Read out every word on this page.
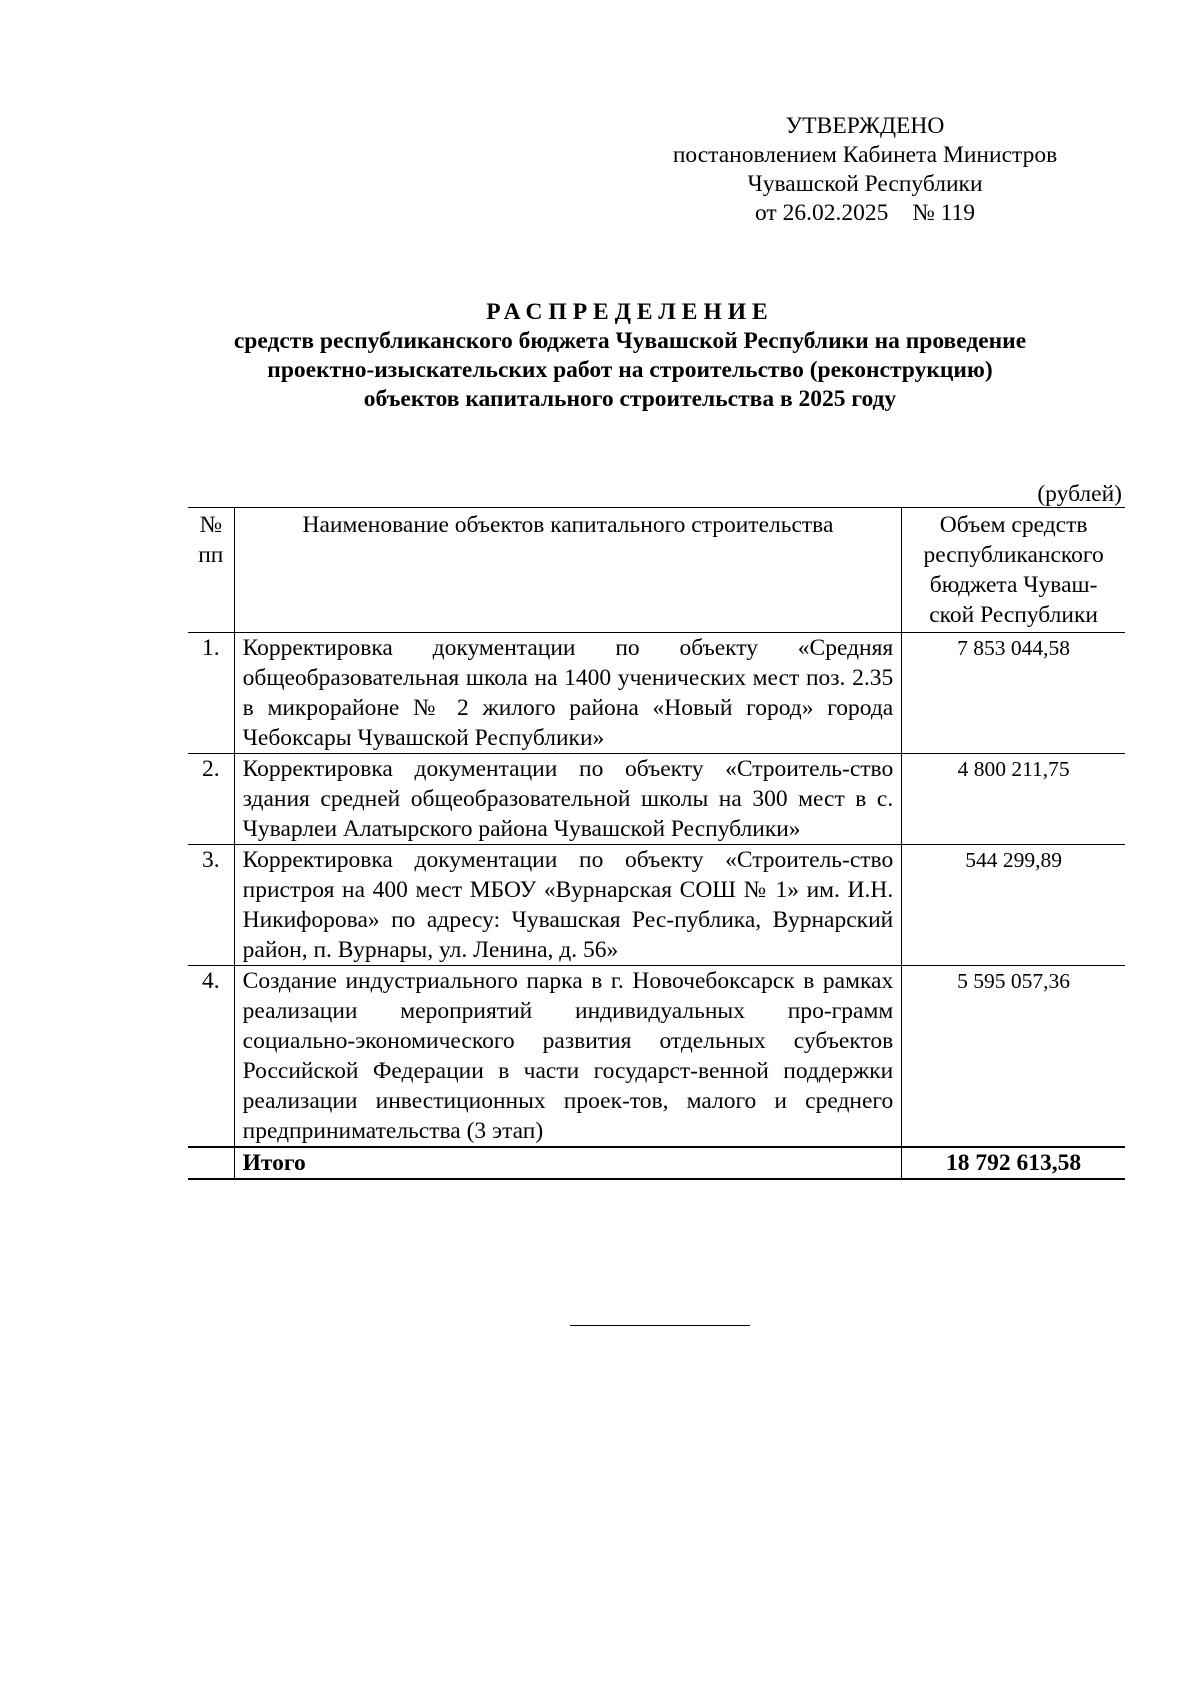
УТВЕРЖДЕНО
постановлением Кабинета Министров
Чувашской Республики
от 26.02.2025 № 119
РАСПРЕДЕЛЕНИЕ
средств республиканского бюджета Чувашской Республики на проведение
проектно-изыскательских работ на строительство (реконструкцию)
объектов капитального строительства в 2025 году
(рублей)
№ пп	Наименование объектов капитального строительства	Объем средств республиканского бюджета Чуваш-ской Республики
1.	Корректировка документации по объекту «Средняя общеобразовательная школа на 1400 ученических мест поз. 2.35 в микрорайоне № 2 жилого района «Новый город» города Чебоксары Чувашской Республики»	7 853 044,58
2.	Корректировка документации по объекту «Строитель-ство здания средней общеобразовательной школы на 300 мест в с. Чуварлеи Алатырского района Чувашской Республики»	4 800 211,75
3.	Корректировка документации по объекту «Строитель-ство пристроя на 400 мест МБОУ «Вурнарская СОШ № 1» им. И.Н. Никифорова» по адресу: Чувашская Рес-публика, Вурнарский район, п. Вурнары, ул. Ленина, д. 56»	544 299,89
4.	Создание индустриального парка в г. Новочебоксарск в рамках реализации мероприятий индивидуальных про-грамм социально-экономического развития отдельных субъектов Российской Федерации в части государст-венной поддержки реализации инвестиционных проек-тов, малого и среднего предпринимательства (3 этап)	5 595 057,36
	Итого	18 792 613,58
